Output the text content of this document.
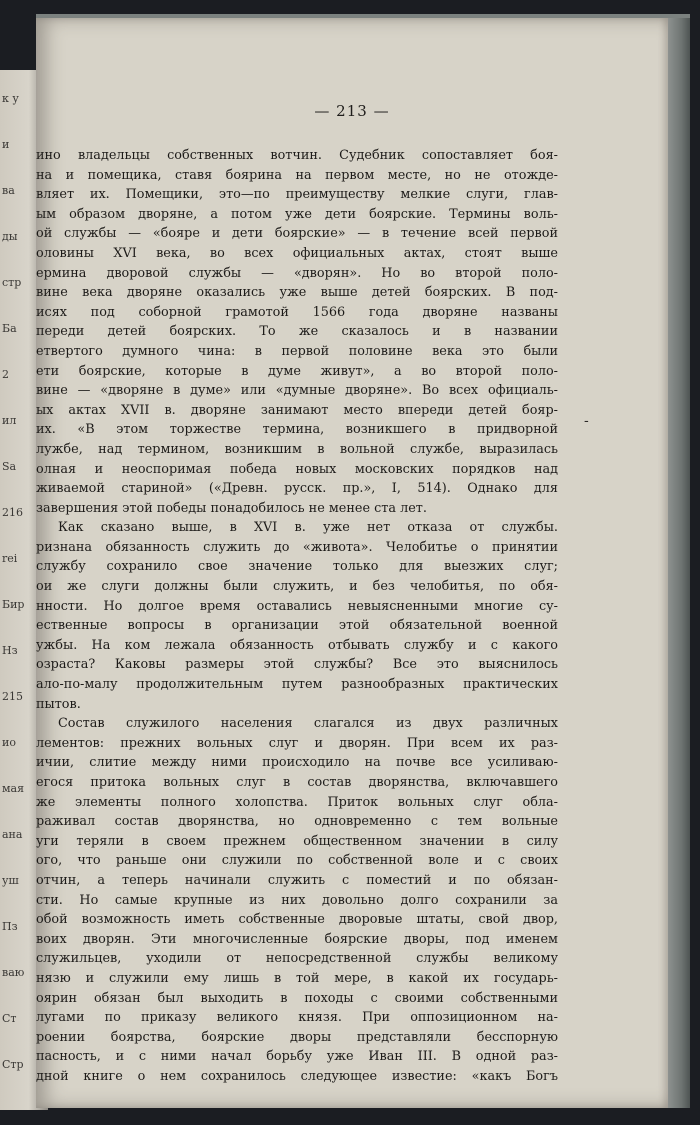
к у
и
ва
ды
стр
Ба
2
ил
Sa
216
rei
Бир
Нз
215
ио
мая
ана
уш
Пз
ваю
Ст
Стр
— 213 —
ино владельцы собственных вотчин. Судебник сопоставляет боя-
на и помещика, ставя боярина на первом месте, но не отожде-
вляет их. Помещики, это—по преимуществу мелкие слуги, глав-
ым образом дворяне, а потом уже дети боярские. Термины воль-
ой службы — «бояре и дети боярские» — в течение всей первой
оловины XVI века, во всех официальных актах, стоят выше
ермина дворовой службы — «дворян». Но во второй поло-
вине века дворяне оказались уже выше детей боярских. В под-
исях под соборной грамотой 1566 года дворяне названы
переди детей боярских. То же сказалось и в названии
етвертого думного чина: в первой половине века это были
ети боярские, которые в думе живут», а во второй поло-
вине — «дворяне в думе» или «думные дворяне». Во всех официаль-
ых актах XVII в. дворяне занимают место впереди детей бояр-
их. «В этом торжестве термина, возникшего в придворной
лужбе, над термином, возникшим в вольной службе, выразилась
олная и неоспоримая победа новых московских порядков над
живаемой стариной» («Древн. русск. пр.», I, 514). Однако для
завершения этой победы понадобилось не менее ста лет.
Как сказано выше, в XVI в. уже нет отказа от службы.
ризнана обязанность служить до «живота». Челобитье о принятии
службу сохранило свое значение только для выезжих слуг;
ои же слуги должны были служить, и без челобитья, по обя-
нности. Но долгое время оставались невыясненными многие су-
ественные вопросы в организации этой обязательной военной
ужбы. На ком лежала обязанность отбывать службу и с какого
озраста? Каковы размеры этой службы? Все это выяснилось
ало-по-малу продолжительным путем разнообразных практических
пытов.
Состав служилого населения слагался из двух различных
лементов: прежних вольных слуг и дворян. При всем их раз-
ичии, слитие между ними происходило на почве все усиливаю-
егося притока вольных слуг в состав дворянства, включавшего
же элементы полного холопства. Приток вольных слуг обла-
раживал состав дворянства, но одновременно с тем вольные
уги теряли в своем прежнем общественном значении в силу
ого, что раньше они служили по собственной воле и с своих
отчин, а теперь начинали служить с поместий и по обязан-
сти. Но самые крупные из них довольно долго сохранили за
обой возможность иметь собственные дворовые штаты, свой двор,
воих дворян. Эти многочисленные боярские дворы, под именем
служильцев, уходили от непосредственной службы великому
нязю и служили ему лишь в той мере, в какой их государь-
оярин обязан был выходить в походы с своими собственными
лугами по приказу великого князя. При оппозиционном на-
роении боярства, боярские дворы представляли бесспорную
пасность, и с ними начал борьбу уже Иван III. В одной раз-
дной книге о нем сохранилось следующее известие: «какъ Богъ
-
